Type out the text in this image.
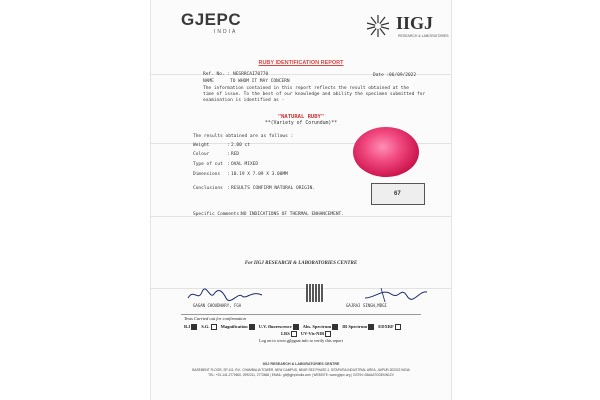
GJEPC
INDIA	IIGJ
RESEARCH & LABORATORIES
RUBY IDENTIFICATION REPORT
Ref. No. : NESRRCAI70770	Date : 06/09/2022
NAME	TO WHOM IT MAY CONCERN
The information contained in this report reflects the result obtained at the
time of issue. To the best of our knowledge and ability the specimen submitted for
examination is identified as -
"NATURAL RUBY"
**(Variety of Corundum)**
The results obtained are as follows :
Weight	: 2.00 ct
Colour	: RED
Type of cut : OVAL MIXED
Dimensions : 10.19 X 7.09 X 3.00MM
Conclusions : RESULTS CONFIRM NATURAL ORIGIN.
Specific Comments: NO INDICATIONS OF THERMAL ENHANCEMENT.
67
For IIGJ RESEARCH & LABORATORIES CENTRE
GAGAN CHOUDHARY, FGA	GAJRAJ SINGH,MDGI
Tests Carried out for confirmation
R.I S.G. Magnification U.V. fluorescence Abs. Spectrum IR Spectrum EDXRF
LRS UV-Vis-NIR
Log on to www.gjlpgsar.info to verify this report
IIGJ RESEARCH & LABORATORIES CENTRE
BASEMENT FLOOR, SP-111, R.K. CHAMBALIA TOWER, NEW CAMPUS, NEAR SEZ PHASE-1, SITAPURA INDUSTRIAL AREA, JAIPUR-302022 INDIA
TEL: +91-141-2770600, 2992211, 2773666 | EMAIL: gtl@gjepcindia.com | WEBSITE: www.gjepc.org | GSTIN: 08AAATG0394N1ZV
